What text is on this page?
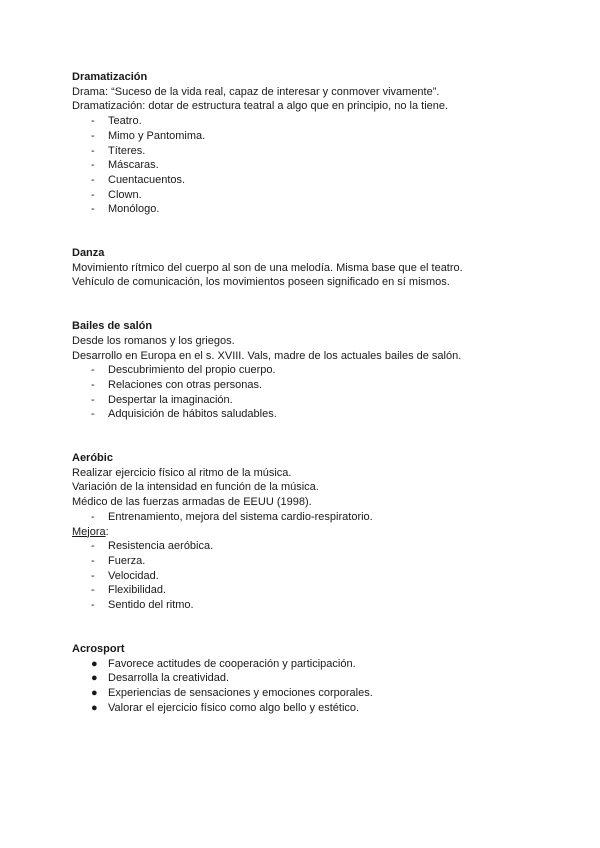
Dramatización

Drama: “Suceso de la vida real, capaz de interesar y conmover vivamente”.

Dramatización: dotar de estructura teatral a algo que en principio, no la tiene.

- Teatro.
- Mimo y Pantomima.
- Títeres.
- Máscaras.
- Cuentacuentos.
- Clown.
- Monólogo.
Danza

Movimiento rítmico del cuerpo al son de una melodía. Misma base que el teatro.

Vehículo de comunicación, los movimientos poseen significado en sí mismos.

Bailes de salón

Desde los romanos y los griegos.

Desarrollo en Europa en el s. XVIII. Vals, madre de los actuales bailes de salón.

- Descubrimiento del propio cuerpo.
- Relaciones con otras personas.
- Despertar la imaginación.
- Adquisición de hábitos saludables.
Aeróbic

Realizar ejercicio físico al ritmo de la música.

Variación de la intensidad en función de la música.

Médico de las fuerzas armadas de EEUU (1998).

- Entrenamiento, mejora del sistema cardio-respiratorio.

Mejora:

- Resistencia aeróbica.
- Fuerza.
- Velocidad.
- Flexibilidad.
- Sentido del ritmo.
Acrosport
● Favorece actitudes de cooperación y participación.
● Desarrolla la creatividad.
● Experiencias de sensaciones y emociones corporales.
● Valorar el ejercicio físico como algo bello y estético.
